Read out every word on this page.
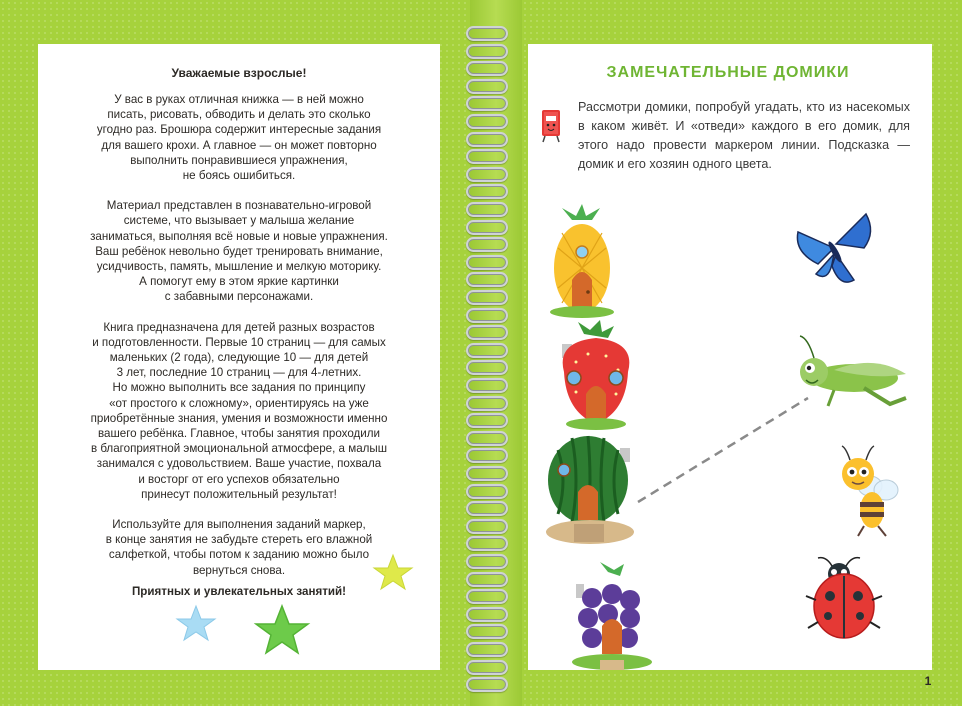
Уважаемые взрослые!

У вас в руках отличная книжка — в ней можно
писать, рисовать, обводить и делать это сколько
угодно раз. Брошюра содержит интересные задания
для вашего крохи. А главное — он может повторно
выполнить понравившиеся упражнения,
не боясь ошибиться.

Материал представлен в познавательно-игровой
системе, что вызывает у малыша желание
заниматься, выполняя всё новые и новые упражнения.
Ваш ребёнок невольно будет тренировать внимание,
усидчивость, память, мышление и мелкую моторику.
А помогут ему в этом яркие картинки
с забавными персонажами.

Книга предназначена для детей разных возрастов
и подготовленности. Первые 10 страниц — для самых
маленьких (2 года), следующие 10 — для детей
3 лет, последние 10 страниц — для 4-летних.
Но можно выполнить все задания по принципу
«от простого к сложному», ориентируясь на уже
приобретённые знания, умения и возможности именно
вашего ребёнка. Главное, чтобы занятия проходили
в благоприятной эмоциональной атмосфере, а малыш
занимался с удовольствием. Ваше участие, похвала
и восторг от его успехов обязательно
принесут положительный результат!

Используйте для выполнения заданий маркер,
в конце занятия не забудьте стереть его влажной
салфеткой, чтобы потом к заданию можно было
вернуться снова.

Приятных и увлекательных занятий!
ЗАМЕЧАТЕЛЬНЫЕ ДОМИКИ
Рассмотри домики, попробуй угадать, кто из насекомых в каком живёт. И «отведи» каждого в его домик, для этого надо провести маркером линии. Подсказка — домик и его хозяин одного цвета.
1
